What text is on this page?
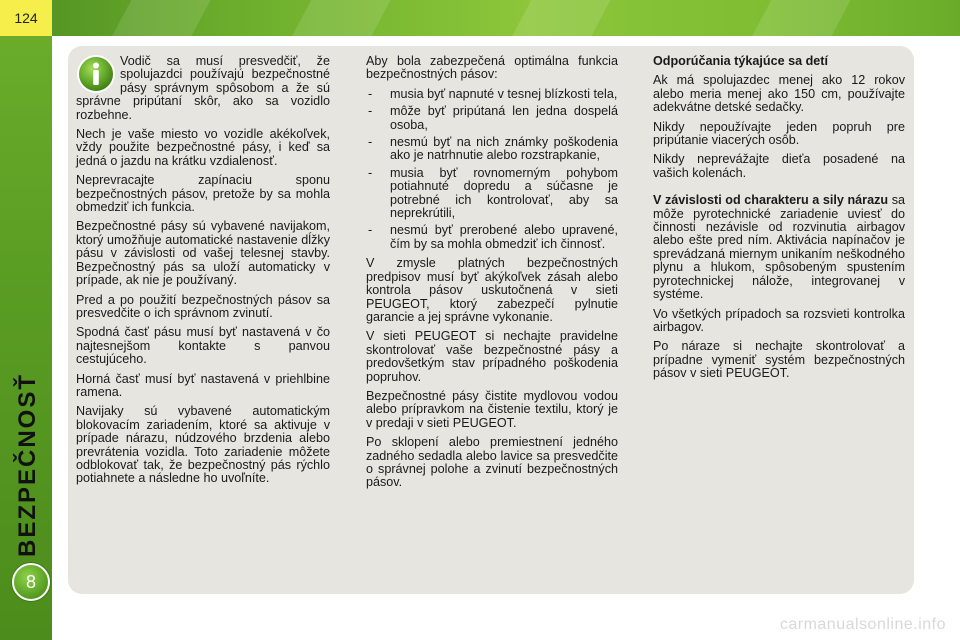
124
BEZPEČNOSŤ
8

Vodič sa musí presvedčiť, že spolujazdci používajú bezpečnostné pásy správnym spôsobom a že sú správne pripútaní skôr, ako sa vozidlo rozbehne.

Nech je vaše miesto vo vozidle akékoľvek, vždy použite bezpečnostné pásy, i keď sa jedná o jazdu na krátku vzdialenosť.

Neprevracajte zapínaciu sponu bezpečnostných pásov, pretože by sa mohla obmedziť ich funkcia.

Bezpečnostné pásy sú vybavené navijakom, ktorý umožňuje automatické nastavenie dĺžky pásu v závislosti od vašej telesnej stavby. Bezpečnostný pás sa uloží automaticky v prípade, ak nie je používaný.

Pred a po použití bezpečnostných pásov sa presvedčite o ich správnom zvinutí.

Spodná časť pásu musí byť nastavená v čo najtesnejšom kontakte s panvou cestujúceho.

Horná časť musí byť nastavená v priehlbine ramena.

Navijaky sú vybavené automatickým blokovacím zariadením, ktoré sa aktivuje v prípade nárazu, núdzového brzdenia alebo prevrátenia vozidla. Toto zariadenie môžete odblokovať tak, že bezpečnostný pás rýchlo potiahnete a následne ho uvoľníte.

Aby bola zabezpečená optimálna funkcia bezpečnostných pásov:

- musia byť napnuté v tesnej blízkosti tela,
- môže byť pripútaná len jedna dospelá osoba,
- nesmú byť na nich známky poškodenia ako je natrhnutie alebo rozstrapkanie,
- musia byť rovnomerným pohybom potiahnuté dopredu a súčasne je potrebné ich kontrolovať, aby sa neprekrútili,
- nesmú byť prerobené alebo upravené, čím by sa mohla obmedziť ich činnosť.

V zmysle platných bezpečnostných predpisov musí byť akýkoľvek zásah alebo kontrola pásov uskutočnená v sieti PEUGEOT, ktorý zabezpečí pylnutie garancie a jej správne vykonanie.

V sieti PEUGEOT si nechajte pravidelne skontrolovať vaše bezpečnostné pásy a predovšetkým stav prípadného poškodenia popruhov.

Bezpečnostné pásy čistite mydlovou vodou alebo prípravkom na čistenie textilu, ktorý je v predaji v sieti PEUGEOT.

Po sklopení alebo premiestnení jedného zadného sedadla alebo lavice sa presvedčite o správnej polohe a zvinutí bezpečnostných pásov.

Odporúčania týkajúce sa detí

Ak má spolujazdec menej ako 12 rokov alebo meria menej ako 150 cm, používajte adekvátne detské sedačky.

Nikdy nepoužívajte jeden popruh pre pripútanie viacerých osôb.

Nikdy neprevážajte dieťa posadené na vašich kolenách.

V závislosti od charakteru a sily nárazu sa môže pyrotechnické zariadenie uviesť do činnosti nezávisle od rozvinutia airbagov alebo ešte pred ním. Aktivácia napínačov je sprevádzaná miernym unikaním neškodného plynu a hlukom, spôsobeným spustením pyrotechnickej nálože, integrovanej v systéme.

Vo všetkých prípadoch sa rozsvieti kontrolka airbagov.

Po náraze si nechajte skontrolovať a prípadne vymeniť systém bezpečnostných pásov v sieti PEUGEOT.

carmanualsonline.info
